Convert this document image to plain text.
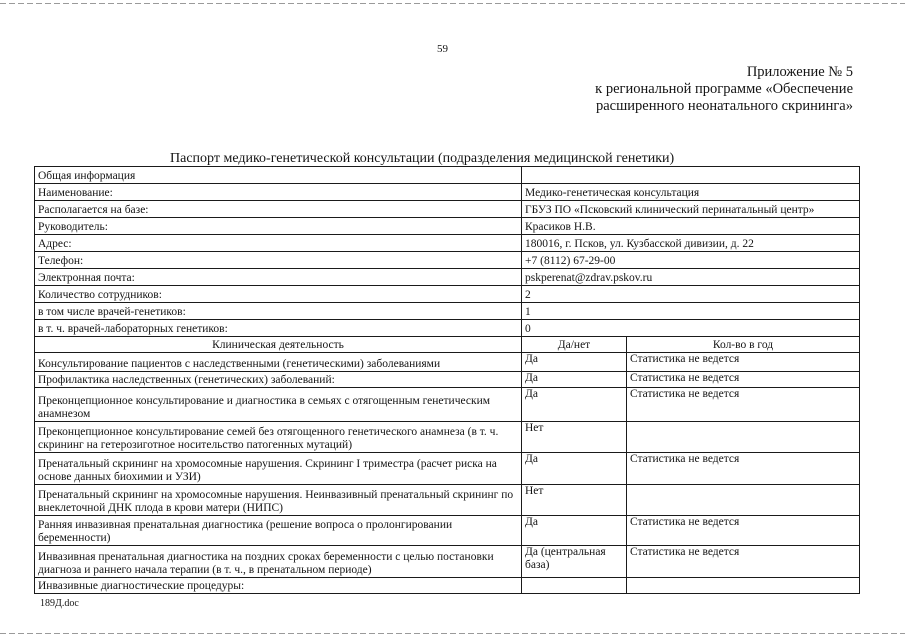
59
Приложение № 5
к региональной программе «Обеспечение
расширенного неонатального скрининга»
Паспорт медико-генетической консультации (подразделения медицинской генетики)
Общая информация		
Наименование:	Медико-генетическая консультация	
Располагается на базе:	ГБУЗ ПО «Псковский клинический перинатальный центр»	
Руководитель:	Красиков Н.В.	
Адрес:	180016, г. Псков, ул. Кузбасской дивизии, д. 22	
Телефон:	+7 (8112) 67-29-00	
Электронная почта:	pskperenat@zdrav.pskov.ru	
Количество сотрудников:	2	
в том числе врачей-генетиков:	1	
в т. ч. врачей-лабораторных генетиков:	0	
Клиническая деятельность	Да/нет	Кол-во в год
Консультирование пациентов с наследственными (генетическими) заболеваниями	Да	Статистика не ведется
Профилактика наследственных (генетических) заболеваний:	Да	Статистика не ведется
Преконцепционное консультирование и диагностика в семьях с отягощенным генетическим анамнезом	Да	Статистика не ведется
Преконцепционное консультирование семей без отягощенного генетического анамнеза (в т. ч. скрининг на гетерозиготное носительство патогенных мутаций)	Нет	
Пренатальный скрининг на хромосомные нарушения. Скрининг I триместра (расчет риска на основе данных биохимии и УЗИ)	Да	Статистика не ведется
Пренатальный скрининг на хромосомные нарушения. Неинвазивный пренатальный скрининг по внеклеточной ДНК плода в крови матери (НИПС)	Нет	
Ранняя инвазивная пренатальная диагностика (решение вопроса о пролонгировании беременности)	Да	Статистика не ведется
Инвазивная пренатальная диагностика на поздних сроках беременности с целью постановки диагноза и раннего начала терапии (в т. ч., в пренатальном периоде)	Да (центральная база)	Статистика не ведется
Инвазивные диагностические процедуры:		
189Д.doc
